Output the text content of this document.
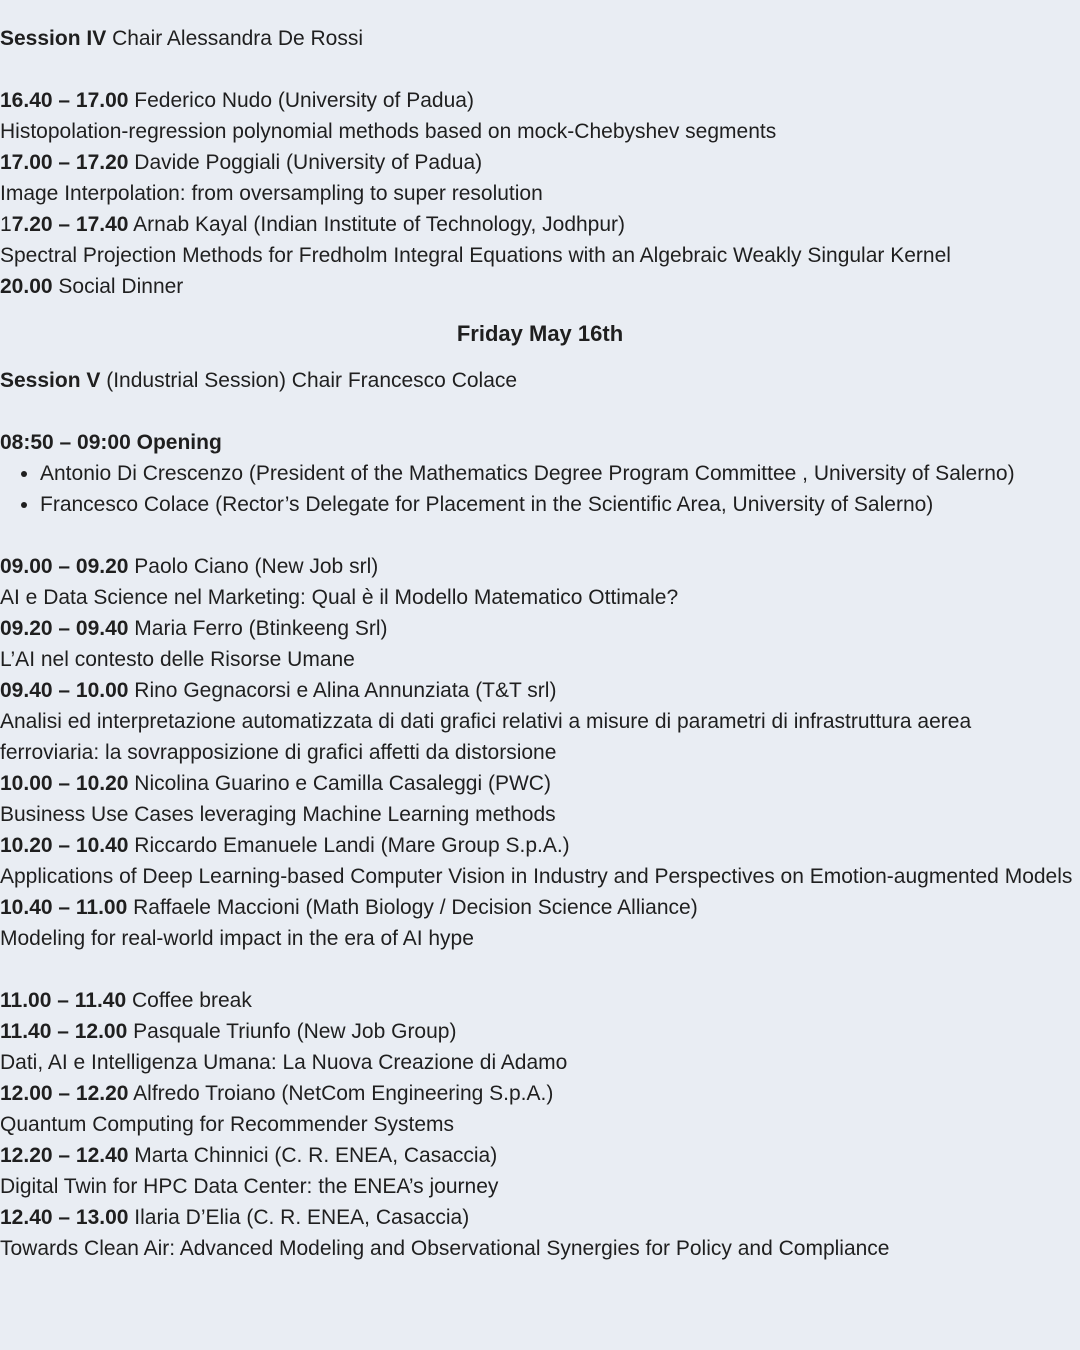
Session IV Chair Alessandra De Rossi

16.40 – 17.00 Federico Nudo (University of Padua)

Histopolation-regression polynomial methods based on mock-Chebyshev segments

17.00 – 17.20 Davide Poggiali (University of Padua)

Image Interpolation: from oversampling to super resolution

17.20 – 17.40 Arnab Kayal (Indian Institute of Technology, Jodhpur)

Spectral Projection Methods for Fredholm Integral Equations with an Algebraic Weakly Singular Kernel

20.00 Social Dinner

Friday May 16th

Session V (Industrial Session) Chair Francesco Colace

08:50 – 09:00 Opening

Antonio Di Crescenzo (President of the Mathematics Degree Program Committee , University of Salerno)
Francesco Colace (Rector’s Delegate for Placement in the Scientific Area, University of Salerno)

09.00 – 09.20 Paolo Ciano (New Job srl)

AI e Data Science nel Marketing: Qual è il Modello Matematico Ottimale?

09.20 – 09.40 Maria Ferro (Btinkeeng Srl)

L’AI nel contesto delle Risorse Umane

09.40 – 10.00 Rino Gegnacorsi e Alina Annunziata (T&T srl)

Analisi ed interpretazione automatizzata di dati grafici relativi a misure di parametri di infrastruttura aerea ferroviaria: la sovrapposizione di grafici affetti da distorsione

10.00 – 10.20 Nicolina Guarino e Camilla Casaleggi (PWC)

Business Use Cases leveraging Machine Learning methods

10.20 – 10.40 Riccardo Emanuele Landi (Mare Group S.p.A.)

Applications of Deep Learning-based Computer Vision in Industry and Perspectives on Emotion-augmented Models

10.40 – 11.00 Raffaele Maccioni (Math Biology / Decision Science Alliance)

Modeling for real-world impact in the era of AI hype

11.00 – 11.40 Coffee break

11.40 – 12.00 Pasquale Triunfo (New Job Group)

Dati, AI e Intelligenza Umana: La Nuova Creazione di Adamo

12.00 – 12.20 Alfredo Troiano (NetCom Engineering S.p.A.)

Quantum Computing for Recommender Systems

12.20 – 12.40 Marta Chinnici (C. R. ENEA, Casaccia)

Digital Twin for HPC Data Center: the ENEA’s journey

12.40 – 13.00 Ilaria D’Elia (C. R. ENEA, Casaccia)

Towards Clean Air: Advanced Modeling and Observational Synergies for Policy and Compliance
